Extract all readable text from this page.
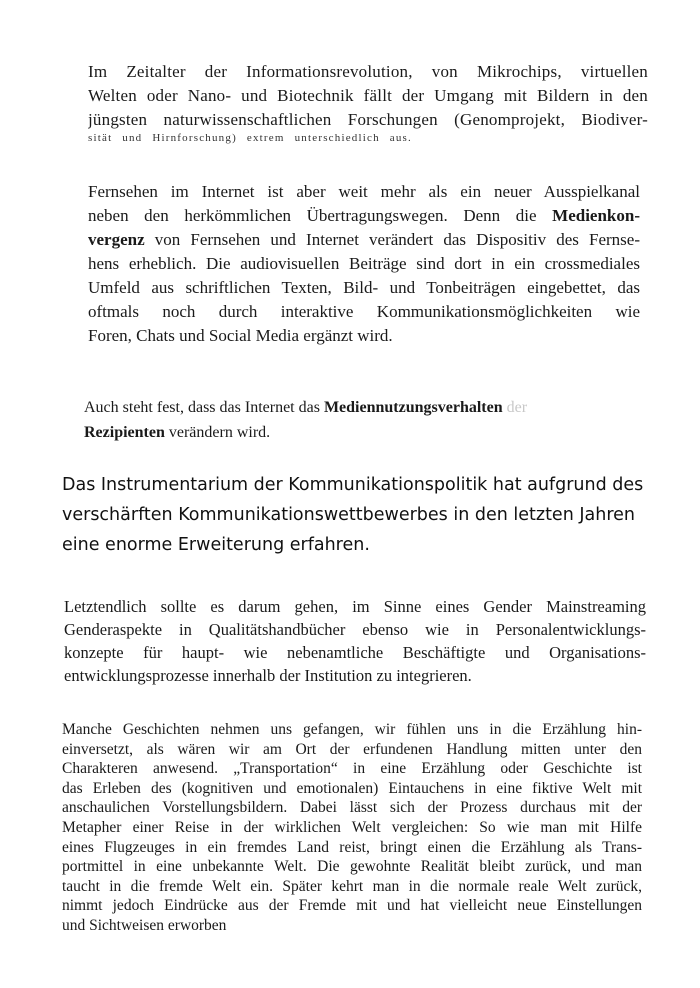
Im Zeitalter der Informationsrevolution, von Mikrochips, virtuellen
Welten oder Nano- und Biotechnik fällt der Umgang mit Bildern in den
jüngsten naturwissenschaftlichen Forschungen (Genomprojekt, Biodiver-
sität und Hirnforschung) extrem unterschiedlich aus.
Fernsehen im Internet ist aber weit mehr als ein neuer Ausspielkanal
neben den herkömmlichen Übertragungswegen. Denn die Medienkon-
vergenz von Fernsehen und Internet verändert das Dispositiv des Fernse-
hens erheblich. Die audiovisuellen Beiträge sind dort in ein crossmediales
Umfeld aus schriftlichen Texten, Bild- und Tonbeiträgen eingebettet, das
oftmals noch durch interaktive Kommunikationsmöglichkeiten wie
Foren, Chats und Social Media ergänzt wird.
Auch steht fest, dass das Internet das Mediennutzungsverhalten der
Rezipienten verändern wird.
Das Instrumentarium der Kommunikationspolitik hat aufgrund des
verschärften Kommunikationswettbewerbes in den letzten Jahren
eine enorme Erweiterung erfahren.
Letztendlich sollte es darum gehen, im Sinne eines Gender Mainstreaming
Genderaspekte in Qualitätshandbücher ebenso wie in Personalentwicklungs-
konzepte für haupt- wie nebenamtliche Beschäftigte und Organisations-
entwicklungsprozesse innerhalb der Institution zu integrieren.
Manche Geschichten nehmen uns gefangen, wir fühlen uns in die Erzählung hin-
einversetzt, als wären wir am Ort der erfundenen Handlung mitten unter den
Charakteren anwesend. „Transportation“ in eine Erzählung oder Geschichte ist
das Erleben des (kognitiven und emotionalen) Eintauchens in eine fiktive Welt mit
anschaulichen Vorstellungsbildern. Dabei lässt sich der Prozess durchaus mit der
Metapher einer Reise in der wirklichen Welt vergleichen: So wie man mit Hilfe
eines Flugzeuges in ein fremdes Land reist, bringt einen die Erzählung als Trans-
portmittel in eine unbekannte Welt. Die gewohnte Realität bleibt zurück, und man
taucht in die fremde Welt ein. Später kehrt man in die normale reale Welt zurück,
nimmt jedoch Eindrücke aus der Fremde mit und hat vielleicht neue Einstellungen
und Sichtweisen erworben
